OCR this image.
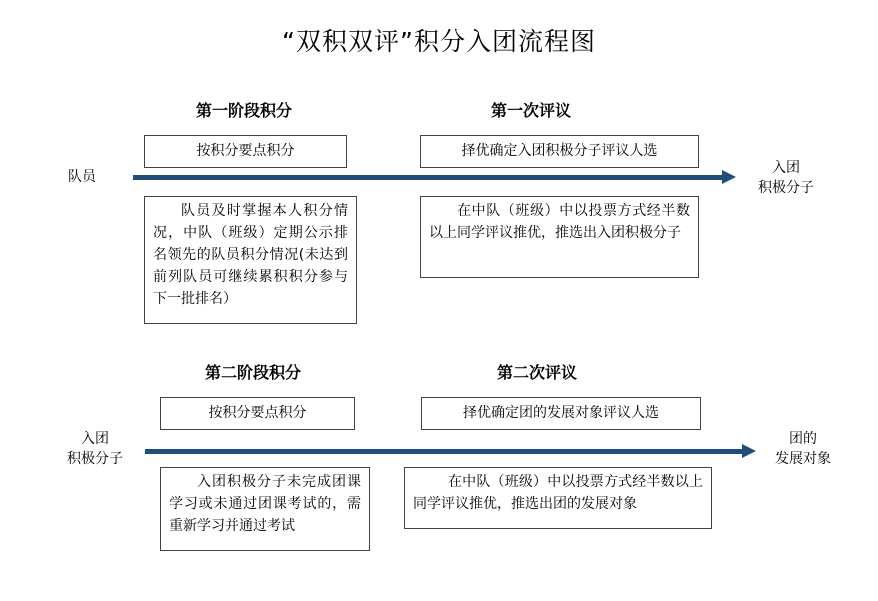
“双积双评”积分入团流程图
第一阶段积分	第一次评议
按积分要点积分	择优确定入团积极分子评议人选
队员
入团
积极分子
队员及时掌握本人积分情况，中队（班级）定期公示排名领先的队员积分情况(未达到前列队员可继续累积积分参与下一批排名）
在中队（班级）中以投票方式经半数以上同学评议推优，推选出入团积极分子
第二阶段积分	第二次评议
按积分要点积分	择优确定团的发展对象评议人选
入团
积极分子
团的
发展对象
入团积极分子未完成团课学习或未通过团课考试的，需重新学习并通过考试
在中队（班级）中以投票方式经半数以上同学评议推优，推选出团的发展对象
